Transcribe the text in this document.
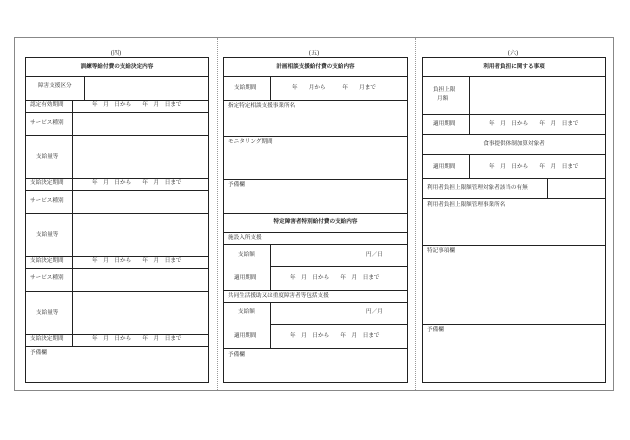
(四)
訓練等給付費の支給決定内容
障害支援区分
認定有効期間	年　月　日から　　年　月　日まで
サービス種別
支給量等
支給決定期間	年　月　日から　　年　月　日まで
サービス種別
支給量等
支給決定期間	年　月　日から　　年　月　日まで
サービス種別
支給量等
支給決定期間	年　月　日から　　年　月　日まで
予備欄
(五)
計画相談支援給付費の支給内容
支給期間	年　　月から　　　年　　月まで
指定特定相談支援事業所名
モニタリング期間
予備欄
特定障害者特別給付費の支給内容
施設入所支援
支給額	円／日
適用期間	年　月　日から　　年　月　日まで
共同生活援助又は重度障害者等包括支援
支給額	円／月
適用期間	年　月　日から　　年　月　日まで
予備欄
(六)
利用者負担に関する事項
負担上限
月額
適用期間	年　月　日から　　年　月　日まで
食事提供体制加算対象者
適用期間	年　月　日から　　年　月　日まで
利用者負担上限額管理対象者該当の有無
利用者負担上限額管理事業所名
特記事項欄
予備欄
